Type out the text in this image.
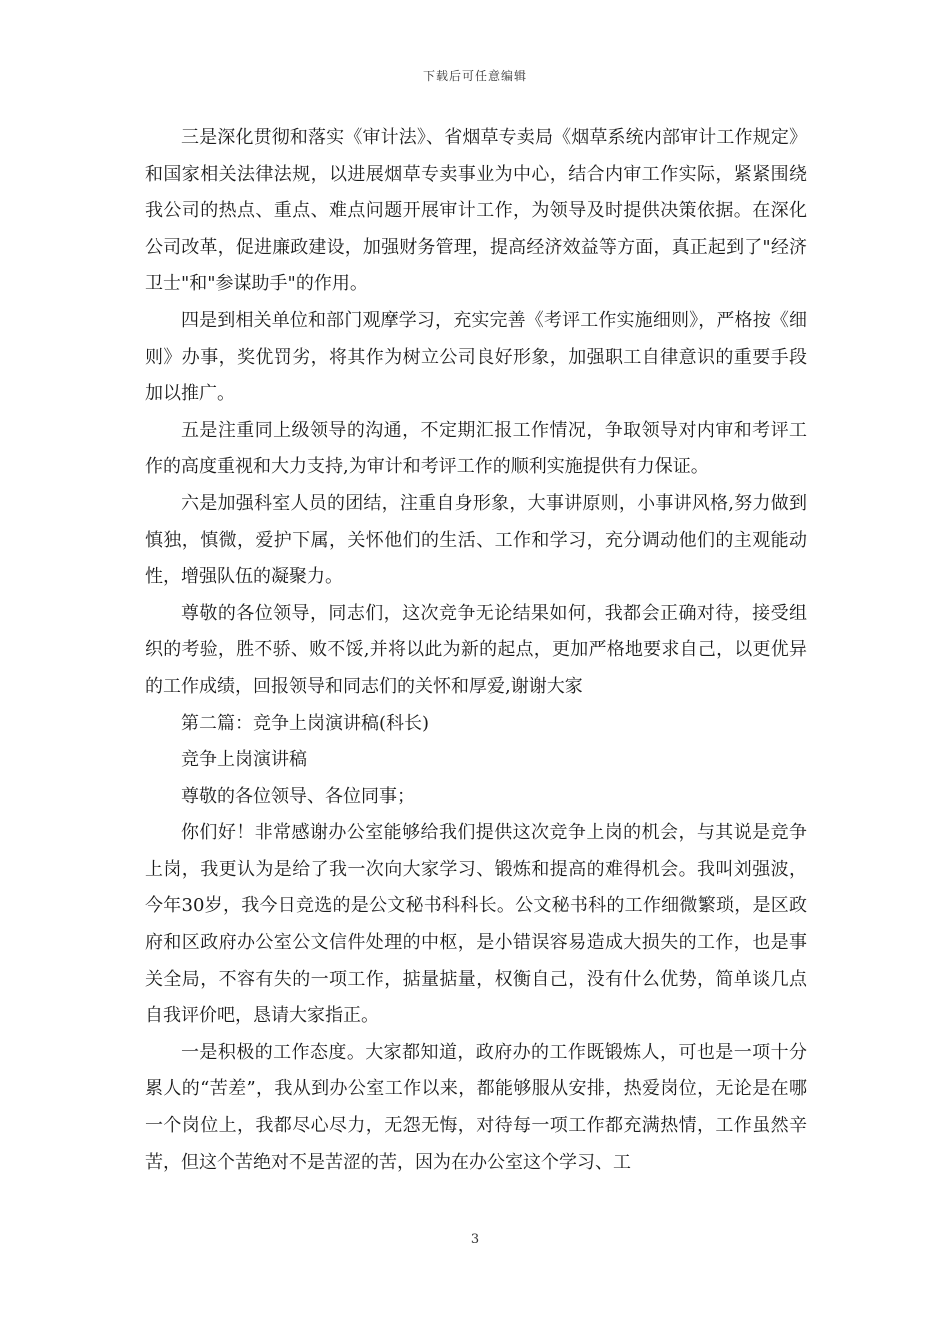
下载后可任意编辑

三是深化贯彻和落实《审计法》、省烟草专卖局《烟草系统内部审计工作规定》和国家相关法律法规，以进展烟草专卖事业为中心，结合内审工作实际，紧紧围绕我公司的热点、重点、难点问题开展审计工作，为领导及时提供决策依据。在深化公司改革，促进廉政建设，加强财务管理，提高经济效益等方面，真正起到了"经济卫士"和"参谋助手"的作用。

四是到相关单位和部门观摩学习，充实完善《考评工作实施细则》，严格按《细则》办事，奖优罚劣，将其作为树立公司良好形象，加强职工自律意识的重要手段加以推广。

五是注重同上级领导的沟通，不定期汇报工作情况，争取领导对内审和考评工作的高度重视和大力支持,为审计和考评工作的顺利实施提供有力保证。

六是加强科室人员的团结，注重自身形象，大事讲原则，小事讲风格,努力做到慎独，慎微，爱护下属，关怀他们的生活、工作和学习，充分调动他们的主观能动性，增强队伍的凝聚力。

尊敬的各位领导，同志们，这次竞争无论结果如何，我都会正确对待，接受组织的考验，胜不骄、败不馁,并将以此为新的起点，更加严格地要求自己，以更优异的工作成绩，回报领导和同志们的关怀和厚爱,谢谢大家

第二篇：竞争上岗演讲稿(科长)

竞争上岗演讲稿

尊敬的各位领导、各位同事；

你们好！非常感谢办公室能够给我们提供这次竞争上岗的机会，与其说是竞争上岗，我更认为是给了我一次向大家学习、锻炼和提高的难得机会。我叫刘强波，今年30岁，我今日竞选的是公文秘书科科长。公文秘书科的工作细微繁琐，是区政府和区政府办公室公文信件处理的中枢，是小错误容易造成大损失的工作，也是事关全局，不容有失的一项工作，掂量掂量，权衡自己，没有什么优势，简单谈几点自我评价吧，恳请大家指正。

一是积极的工作态度。大家都知道，政府办的工作既锻炼人，可也是一项十分累人的“苦差”，我从到办公室工作以来，都能够服从安排，热爱岗位，无论是在哪一个岗位上，我都尽心尽力，无怨无悔，对待每一项工作都充满热情，工作虽然辛苦，但这个苦绝对不是苦涩的苦，因为在办公室这个学习、工

3
